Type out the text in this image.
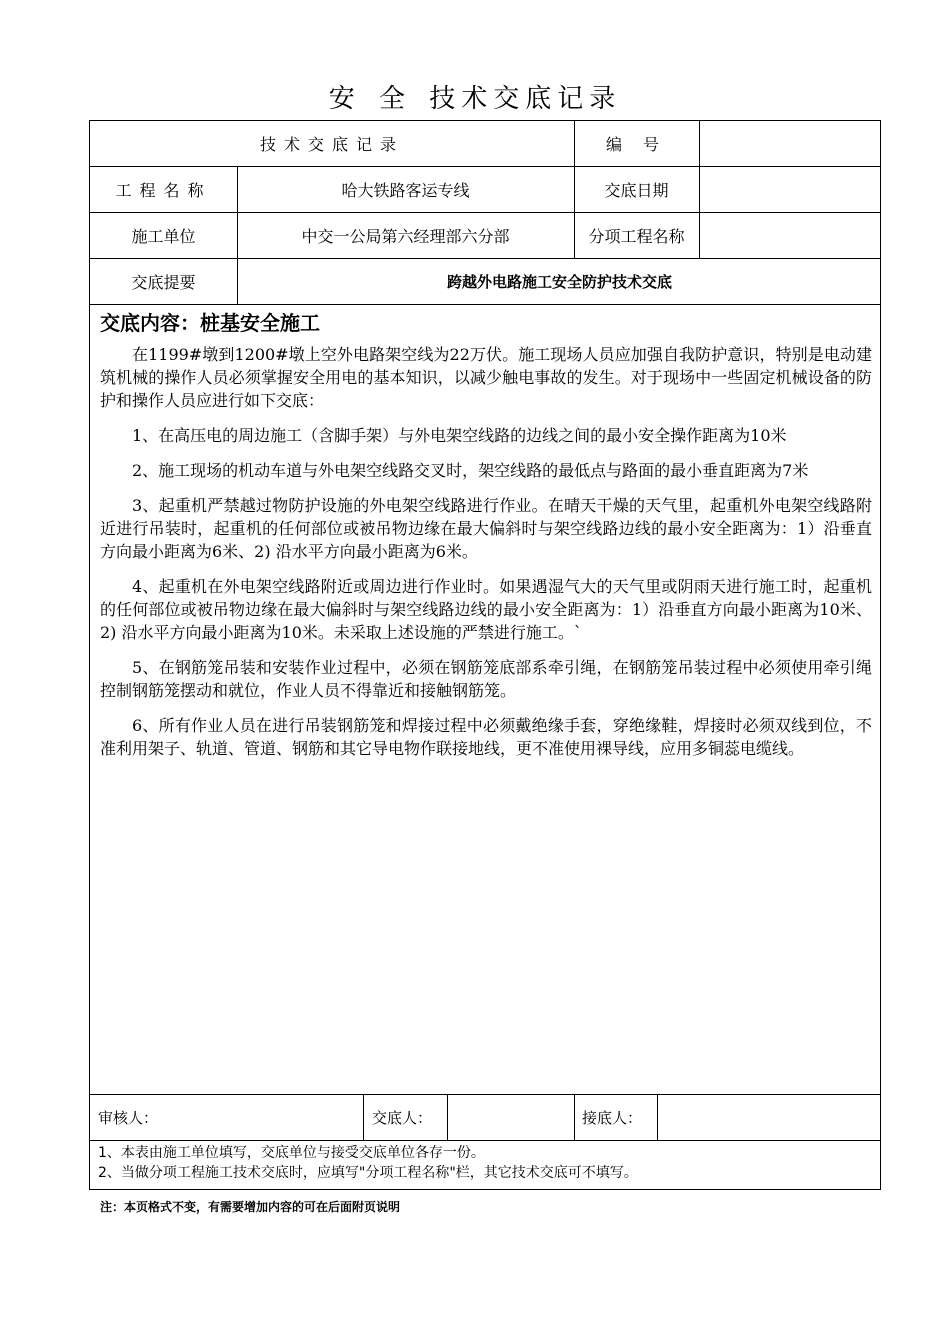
安 全 技术交底记录
技术交底记录	编 号
工程名称	哈大铁路客运专线	交底日期
施工单位	中交一公局第六经理部六分部	分项工程名称
交底提要	跨越外电路施工安全防护技术交底
交底内容：桩基安全施工

在1199#墩到1200#墩上空外电路架空线为22万伏。施工现场人员应加强自我防护意识，特别是电动建筑机械的操作人员必须掌握安全用电的基本知识，以减少触电事故的发生。对于现场中一些固定机械设备的防护和操作人员应进行如下交底：

1、在高压电的周边施工（含脚手架）与外电架空线路的边线之间的最小安全操作距离为10米

2、施工现场的机动车道与外电架空线路交叉时，架空线路的最低点与路面的最小垂直距离为7米

3、起重机严禁越过物防护设施的外电架空线路进行作业。在晴天干燥的天气里，起重机外电架空线路附近进行吊装时，起重机的任何部位或被吊物边缘在最大偏斜时与架空线路边线的最小安全距离为：1）沿垂直方向最小距离为6米、2) 沿水平方向最小距离为6米。

4、起重机在外电架空线路附近或周边进行作业时。如果遇湿气大的天气里或阴雨天进行施工时，起重机的任何部位或被吊物边缘在最大偏斜时与架空线路边线的最小安全距离为：1）沿垂直方向最小距离为10米、2) 沿水平方向最小距离为10米。未采取上述设施的严禁进行施工。`

5、在钢筋笼吊装和安装作业过程中，必须在钢筋笼底部系牵引绳，在钢筋笼吊装过程中必须使用牵引绳控制钢筋笼摆动和就位，作业人员不得靠近和接触钢筋笼。

6、所有作业人员在进行吊装钢筋笼和焊接过程中必须戴绝缘手套，穿绝缘鞋，焊接时必须双线到位，不准利用架子、轨道、管道、钢筋和其它导电物作联接地线，更不准使用裸导线，应用多铜蕊电缆线。

审核人：	交底人：	接底人：
1、本表由施工单位填写，交底单位与接受交底单位各存一份。
2、当做分项工程施工技术交底时，应填写"分项工程名称"栏，其它技术交底可不填写。
注：本页格式不变，有需要增加内容的可在后面附页说明
